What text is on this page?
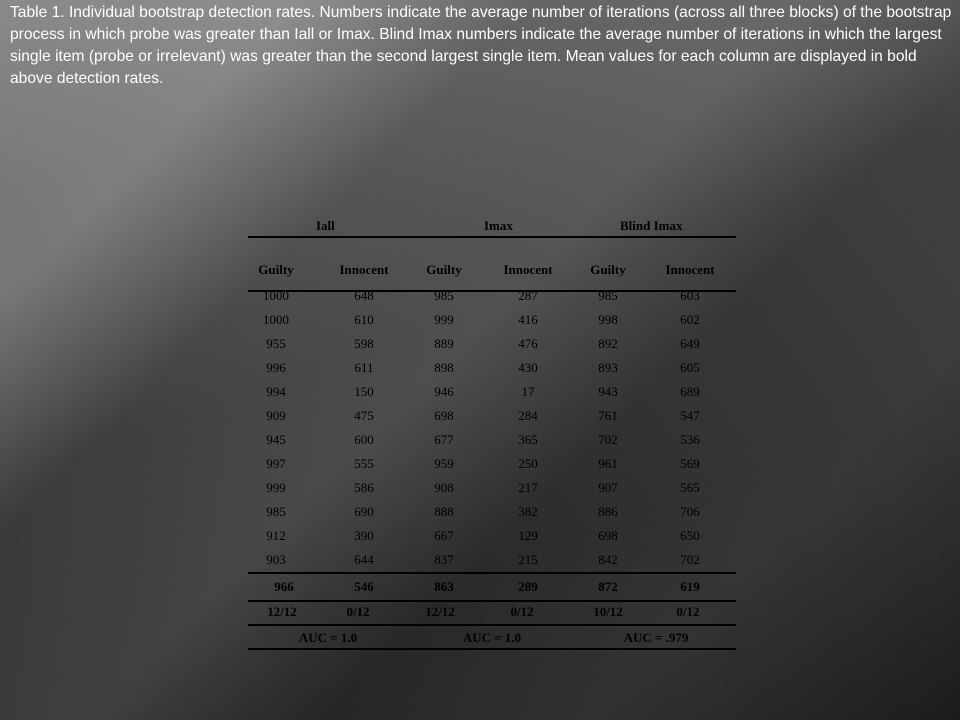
Table 1. Individual bootstrap detection rates. Numbers indicate the average number of iterations (across all three blocks) of the bootstrap process in which probe was greater than Iall or Imax. Blind Imax numbers indicate the average number of iterations in which the largest single item (probe or irrelevant) was greater than the second largest single item. Mean values for each column are displayed in bold above detection rates.
Iall	Imax	Blind Imax
Guilty	Innocent	Guilty	Innocent	Guilty	Innocent
1000	648	985	287	985	603
1000	610	999	416	998	602
955	598	889	476	892	649
996	611	898	430	893	605
994	150	946	17	943	689
909	475	698	284	761	547
945	600	677	365	702	536
997	555	959	250	961	569
999	586	908	217	907	565
985	690	888	382	886	706
912	390	667	129	698	650
903	644	837	215	842	702
966	546	863	289	872	619
12/12	0/12	12/12	0/12	10/12	0/12
AUC = 1.0	AUC = 1.0	AUC = .979
